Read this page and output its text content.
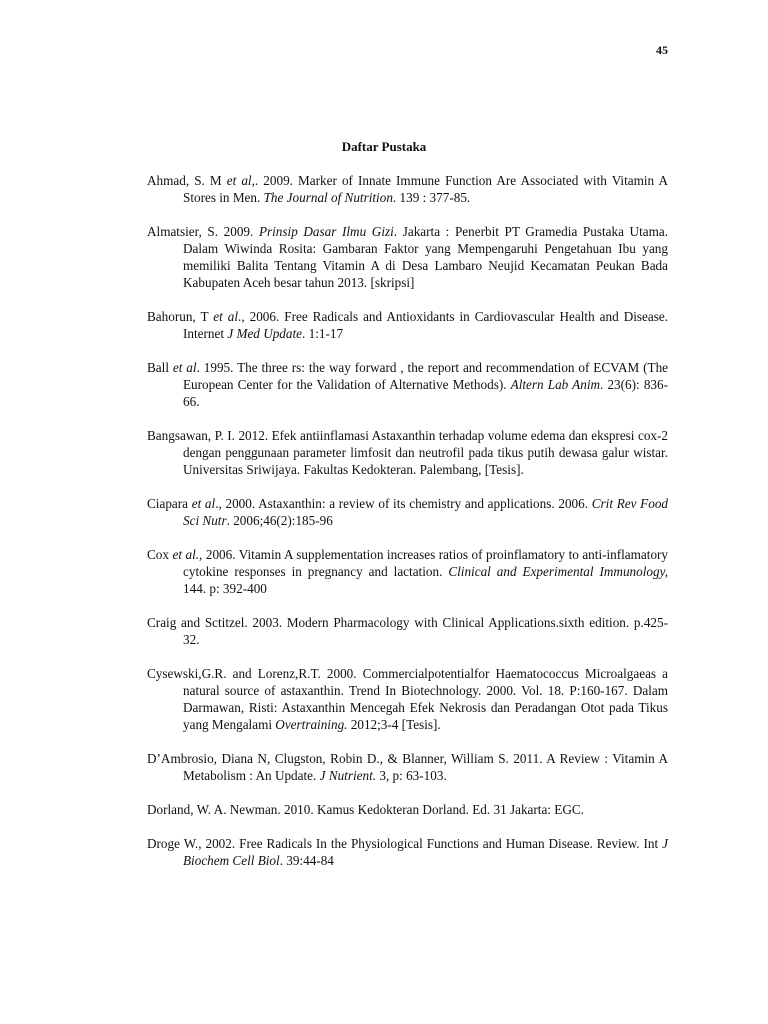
45
Daftar Pustaka
Ahmad, S. M et al,. 2009. Marker of Innate Immune Function Are Associated with Vitamin A Stores in Men. The Journal of Nutrition. 139 : 377-85.
Almatsier, S. 2009. Prinsip Dasar Ilmu Gizi. Jakarta : Penerbit PT Gramedia Pustaka Utama. Dalam Wiwinda Rosita: Gambaran Faktor yang Mempengaruhi Pengetahuan Ibu yang memiliki Balita Tentang Vitamin A di Desa Lambaro Neujid Kecamatan Peukan Bada Kabupaten Aceh besar tahun 2013. [skripsi]
Bahorun, T et al., 2006. Free Radicals and Antioxidants in Cardiovascular Health and Disease. Internet J Med Update. 1:1-17
Ball et al. 1995. The three rs: the way forward , the report and recommendation of ECVAM (The European Center for the Validation of Alternative Methods). Altern Lab Anim. 23(6): 836-66.
Bangsawan, P. I. 2012. Efek antiinflamasi Astaxanthin terhadap volume edema dan ekspresi cox-2 dengan penggunaan parameter limfosit dan neutrofil pada tikus putih dewasa galur wistar. Universitas Sriwijaya. Fakultas Kedokteran. Palembang, [Tesis].
Ciapara et al., 2000. Astaxanthin: a review of its chemistry and applications. 2006. Crit Rev Food Sci Nutr. 2006;46(2):185-96
Cox et al., 2006. Vitamin A supplementation increases ratios of proinflamatory to anti-inflamatory cytokine responses in pregnancy and lactation. Clinical and Experimental Immunology, 144. p: 392-400
Craig and Sctitzel. 2003. Modern Pharmacology with Clinical Applications.sixth edition. p.425-32.
Cysewski,G.R. and Lorenz,R.T. 2000. Commercialpotentialfor Haematococcus Microalgaeas a natural source of astaxanthin. Trend In Biotechnology. 2000. Vol. 18. P:160-167. Dalam Darmawan, Risti: Astaxanthin Mencegah Efek Nekrosis dan Peradangan Otot pada Tikus yang Mengalami Overtraining. 2012;3-4 [Tesis].
D’Ambrosio, Diana N, Clugston, Robin D., & Blanner, William S. 2011. A Review : Vitamin A Metabolism : An Update. J Nutrient. 3, p: 63-103.
Dorland, W. A. Newman. 2010. Kamus Kedokteran Dorland. Ed. 31 Jakarta: EGC.
Droge W., 2002. Free Radicals In the Physiological Functions and Human Disease. Review. Int J Biochem Cell Biol. 39:44-84
